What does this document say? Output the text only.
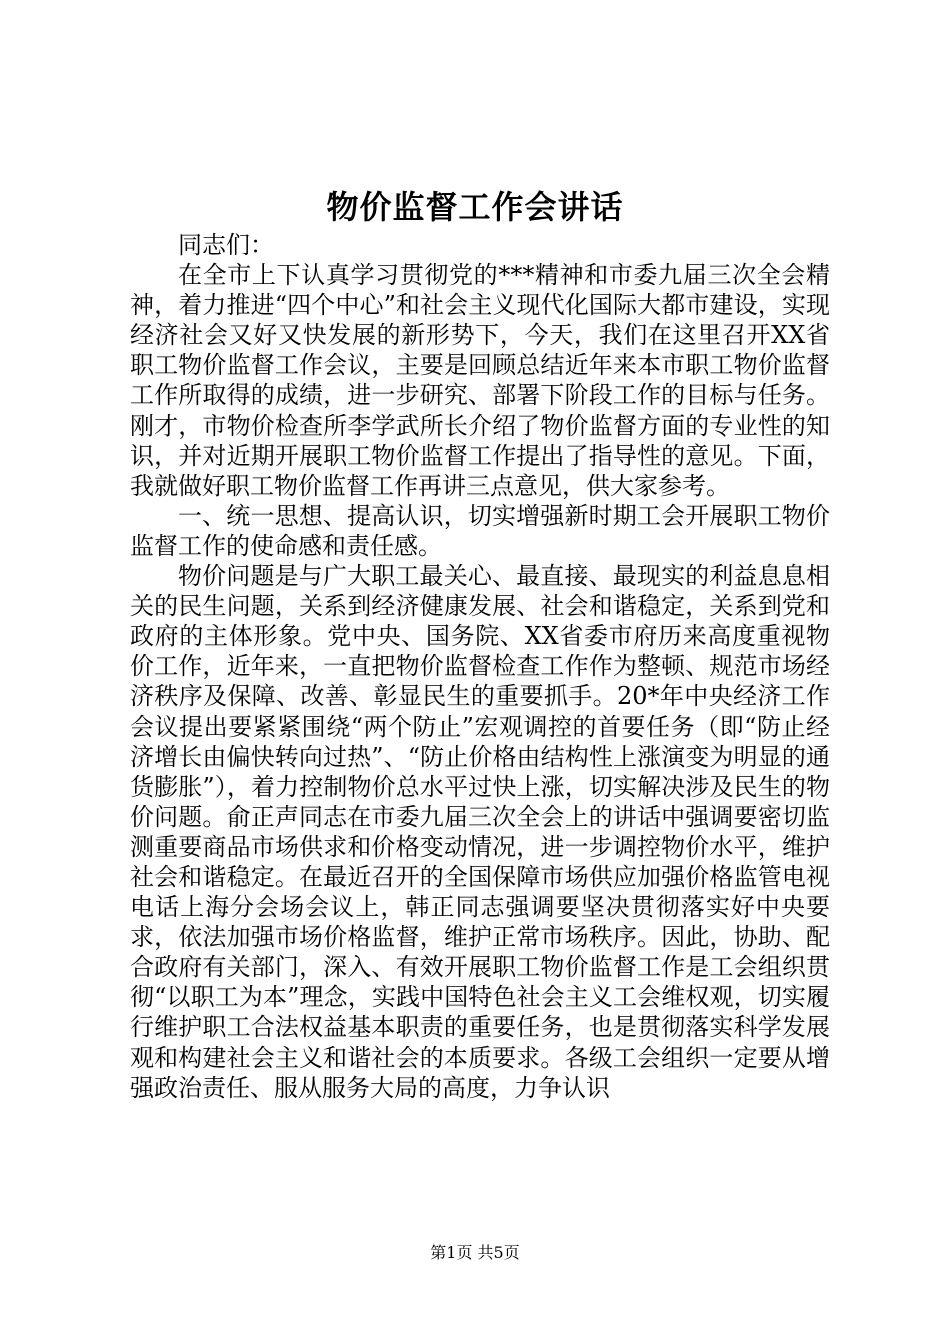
物价监督工作会讲话

同志们：

在全市上下认真学习贯彻党的***精神和市委九届三次全会精神，着力推进“四个中心”和社会主义现代化国际大都市建设，实现经济社会又好又快发展的新形势下，今天，我们在这里召开XX省职工物价监督工作会议，主要是回顾总结近年来本市职工物价监督工作所取得的成绩，进一步研究、部署下阶段工作的目标与任务。刚才，市物价检查所李学武所长介绍了物价监督方面的专业性的知识，并对近期开展职工物价监督工作提出了指导性的意见。下面，我就做好职工物价监督工作再讲三点意见，供大家参考。

一、统一思想、提高认识，切实增强新时期工会开展职工物价监督工作的使命感和责任感。

物价问题是与广大职工最关心、最直接、最现实的利益息息相关的民生问题，关系到经济健康发展、社会和谐稳定，关系到党和政府的主体形象。党中央、国务院、XX省委市府历来高度重视物价工作，近年来，一直把物价监督检查工作作为整顿、规范市场经济秩序及保障、改善、彰显民生的重要抓手。20*年中央经济工作会议提出要紧紧围绕“两个防止”宏观调控的首要任务（即“防止经济增长由偏快转向过热”、“防止价格由结构性上涨演变为明显的通货膨胀”），着力控制物价总水平过快上涨，切实解决涉及民生的物价问题。俞正声同志在市委九届三次全会上的讲话中强调要密切监测重要商品市场供求和价格变动情况，进一步调控物价水平，维护社会和谐稳定。在最近召开的全国保障市场供应加强价格监管电视电话上海分会场会议上，韩正同志强调要坚决贯彻落实好中央要求，依法加强市场价格监督，维护正常市场秩序。因此，协助、配合政府有关部门，深入、有效开展职工物价监督工作是工会组织贯彻“以职工为本”理念，实践中国特色社会主义工会维权观，切实履行维护职工合法权益基本职责的重要任务，也是贯彻落实科学发展观和构建社会主义和谐社会的本质要求。各级工会组织一定要从增强政治责任、服从服务大局的高度，力争认识

第1页 共5页
